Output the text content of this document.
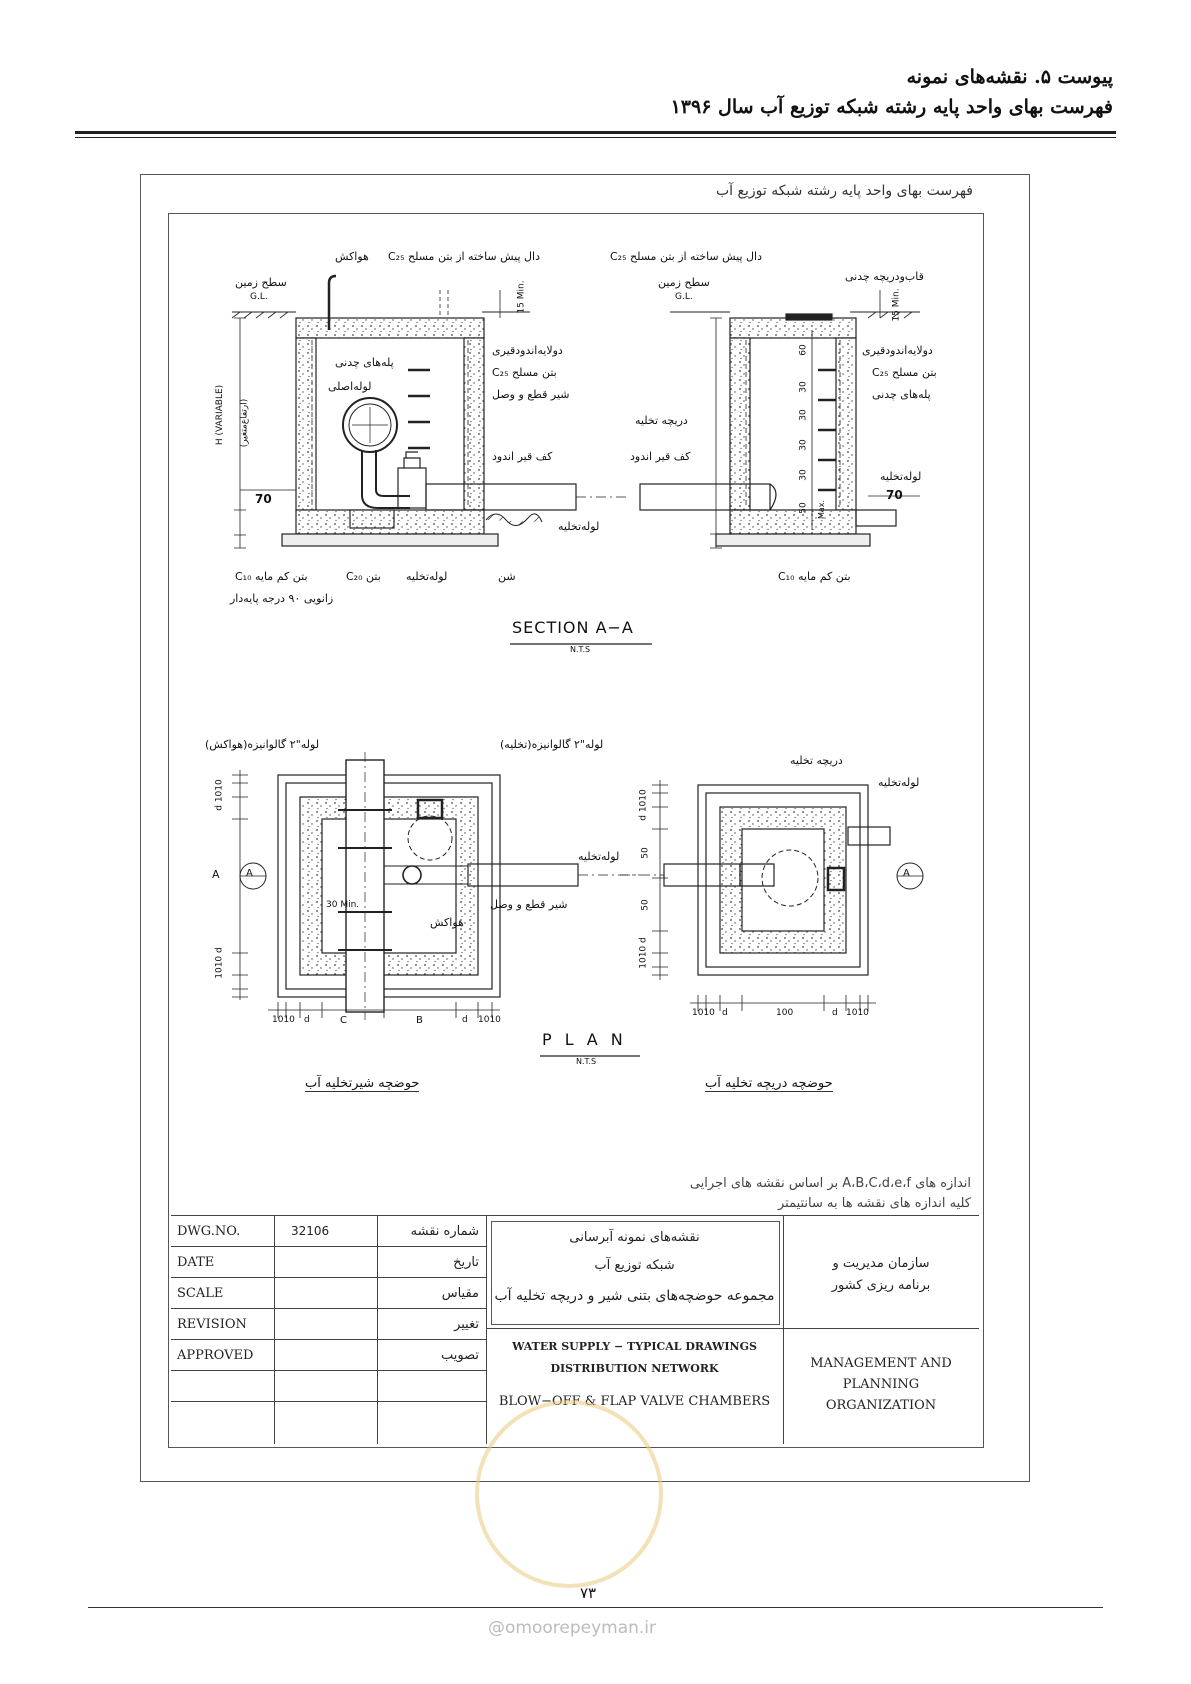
پیوست ۵. نقشه‌های نمونه
فهرست بهای واحد پایه رشته شبکه توزیع آب سال ۱۳۹۶
فهرست بهای واحد پایه رشته شبکه توزیع آب
هواکش دال پیش ساخته از بتن مسلح C₂₅
سطح زمین
G.L.	15 Min.
دولایه‌اندودقیری
پله‌های چدنی
بتن مسلح C₂₅
لوله‌اصلی
شیر قطع و وصل
کف قیر اندود
H (VARIABLE) (ارتفاع‌متغیر)
70
بتن کم مایه C₁₀
زانویی ۹۰ درجه پایه‌دار
بتن C₂₀ لوله‌تخلیه	شن
لوله‌تخلیه
دال پیش ساخته از بتن مسلح C₂₅
سطح زمین
G.L.
قاب‌ودریچه چدنی
15 Min.
دولایه‌اندودقیری
بتن مسلح C₂₅
پله‌های چدنی
دریچه تخلیه
کف قیر اندود
لوله‌تخلیه
70
بتن کم مایه C₁₀
60
30
30
30
30
50 Max.
SECTION A−A
N.T.S
لوله"۲ گالوانیزه(هواکش)	لوله"۲ گالوانیزه(تخلیه)
شیر قطع و وصل
هواکش
لوله‌تخلیه
30 Min.
A
d 1010
1010 d
1010 d	C	B	d 1010
دریچه تخلیه
لوله‌تخلیه
d 1010
50
50
1010 d
1010 d	100	d 1010
A	A
P L A N
N.T.S
حوضچه شیرتخلیه آب	حوضچه دریچه تخلیه آب
اندازه های A،B،C،d،e،f بر اساس نقشه های اجرایی
کلیه اندازه های نقشه ها به سانتیمتر
DWG.NO.	32106	شماره نقشه
DATE	تاریخ
SCALE	مقیاس
REVISION	تغییر
APPROVED	تصویب
نقشه‌های نمونه آبرسانی
شبکه توزیع آب
مجموعه حوضچه‌های بتنی شیر و دریچه تخلیه آب
WATER SUPPLY − TYPICAL DRAWINGS
DISTRIBUTION NETWORK
BLOW−OFF & FLAP VALVE CHAMBERS
سازمان مدیریت و
برنامه ریزی کشور
MANAGEMENT AND
PLANNING
ORGANIZATION
۷۳
@omoorepeyman.ir
